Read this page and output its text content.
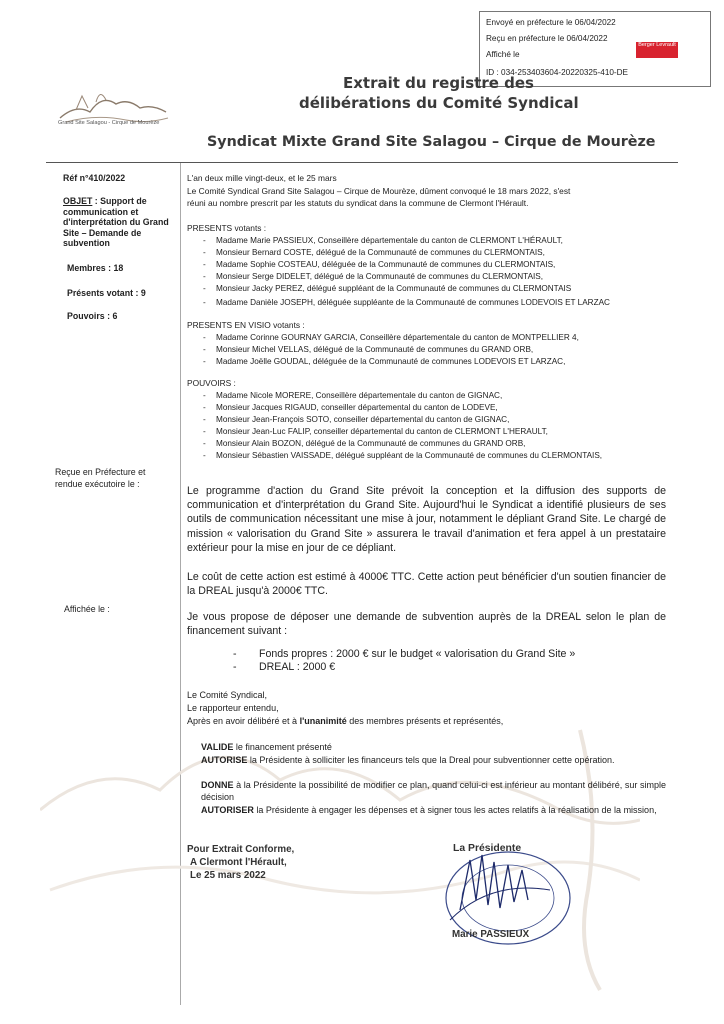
Envoyé en préfecture le 06/04/2022
Reçu en préfecture le 06/04/2022
Affiché le
Berger Levrault
ID : 034-253403604-20220325-410-DE
Grand Site Salagou - Cirque de Mourèze
Extrait du registre des
délibérations du Comité Syndical
Syndicat Mixte Grand Site Salagou – Cirque de Mourèze
Réf n°410/2022
OBJET : Support de communication et d'interprétation du Grand Site – Demande de subvention
Membres : 18
Présents votant : 9
Pouvoirs : 6
Reçue en Préfecture et
rendue exécutoire le :
Affichée le :
L'an deux mille vingt-deux, et le 25 mars
Le Comité Syndical Grand Site Salagou – Cirque de Mourèze, dûment convoqué le 18 mars 2022, s'est
réuni au nombre prescrit par les statuts du syndicat dans la commune de Clermont l'Hérault.
PRESENTS votants :
- Madame Marie PASSIEUX, Conseillère départementale du canton de CLERMONT L'HÉRAULT,
- Monsieur Bernard COSTE, délégué de la Communauté de communes du CLERMONTAIS,
- Madame Sophie COSTEAU, déléguée de la Communauté de communes du CLERMONTAIS,
- Monsieur Serge DIDELET, délégué de la Communauté de communes du CLERMONTAIS,
- Monsieur Jacky PEREZ, délégué suppléant de la Communauté de communes du CLERMONTAIS
- Madame Danièle JOSEPH, déléguée suppléante de la Communauté de communes LODEVOIS ET LARZAC
PRESENTS EN VISIO votants :
- Madame Corinne GOURNAY GARCIA, Conseillère départementale du canton de MONTPELLIER 4,
- Monsieur Michel VELLAS, délégué de la Communauté de communes du GRAND ORB,
- Madame Joëlle GOUDAL, déléguée de la Communauté de communes LODEVOIS ET LARZAC,
POUVOIRS :
- Madame Nicole MORERE, Conseillère départementale du canton de GIGNAC,
- Monsieur Jacques RIGAUD, conseiller départemental du canton de LODEVE,
- Monsieur Jean-François SOTO, conseiller départemental du canton de GIGNAC,
- Monsieur Jean-Luc FALIP, conseiller départemental du canton de CLERMONT L'HERAULT,
- Monsieur Alain BOZON, délégué de la Communauté de communes du GRAND ORB,
- Monsieur Sébastien VAISSADE, délégué suppléant de la Communauté de communes du CLERMONTAIS,
Le programme d'action du Grand Site prévoit la conception et la diffusion des supports de communication et d'interprétation du Grand Site. Aujourd'hui le Syndicat a identifié plusieurs de ses outils de communication nécessitant une mise à jour, notamment le dépliant Grand Site. Le chargé de mission « valorisation du Grand Site » assurera le travail d'animation et fera appel à un prestataire extérieur pour la mise en jour de ce dépliant.
Le coût de cette action est estimé à 4000€ TTC. Cette action peut bénéficier d'un soutien financier de la DREAL jusqu'à 2000€ TTC.
Je vous propose de déposer une demande de subvention auprès de la DREAL selon le plan de financement suivant :
- Fonds propres : 2000 € sur le budget « valorisation du Grand Site »
- DREAL : 2000 €
Le Comité Syndical,
Le rapporteur entendu,
Après en avoir délibéré et à l'unanimité des membres présents et représentés,
VALIDE le financement présenté
AUTORISE la Présidente à solliciter les financeurs tels que la Dreal pour subventionner cette opération.
DONNE à la Présidente la possibilité de modifier ce plan, quand celui-ci est inférieur au montant délibéré, sur simple décision
AUTORISER la Présidente à engager les dépenses et à signer tous les actes relatifs à la réalisation de la mission,
Pour Extrait Conforme,
A Clermont l'Hérault,
Le 25 mars 2022
La Présidente
Marie PASSIEUX
